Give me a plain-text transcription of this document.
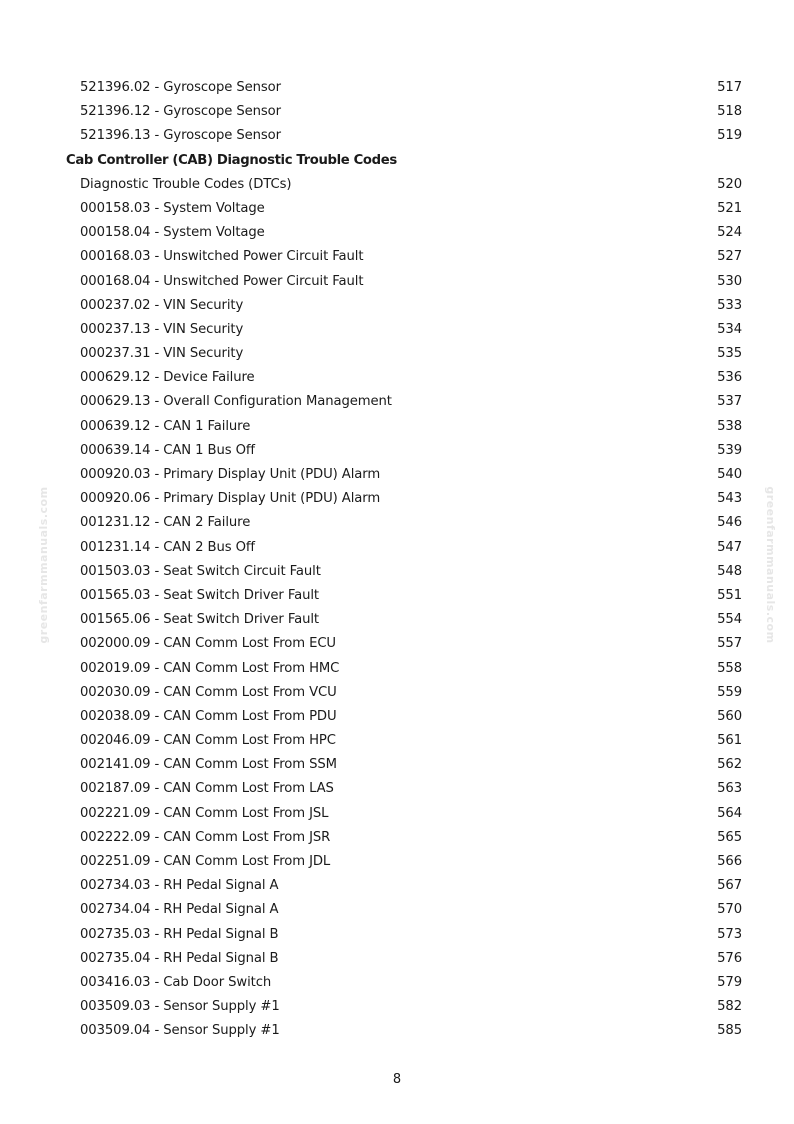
521396.02 - Gyroscope Sensor	517
521396.12 - Gyroscope Sensor	518
521396.13 - Gyroscope Sensor	519
Cab Controller (CAB) Diagnostic Trouble Codes
Diagnostic Trouble Codes (DTCs)	520
000158.03 - System Voltage	521
000158.04 - System Voltage	524
000168.03 - Unswitched Power Circuit Fault	527
000168.04 - Unswitched Power Circuit Fault	530
000237.02 - VIN Security	533
000237.13 - VIN Security	534
000237.31 - VIN Security	535
000629.12 - Device Failure	536
000629.13 - Overall Configuration Management	537
000639.12 - CAN 1 Failure	538
000639.14 - CAN 1 Bus Off	539
000920.03 - Primary Display Unit (PDU) Alarm	540
000920.06 - Primary Display Unit (PDU) Alarm	543
001231.12 - CAN 2 Failure	546
001231.14 - CAN 2 Bus Off	547
001503.03 - Seat Switch Circuit Fault	548
001565.03 - Seat Switch Driver Fault	551
001565.06 - Seat Switch Driver Fault	554
002000.09 - CAN Comm Lost From ECU	557
002019.09 - CAN Comm Lost From HMC	558
002030.09 - CAN Comm Lost From VCU	559
002038.09 - CAN Comm Lost From PDU	560
002046.09 - CAN Comm Lost From HPC	561
002141.09 - CAN Comm Lost From SSM	562
002187.09 - CAN Comm Lost From LAS	563
002221.09 - CAN Comm Lost From JSL	564
002222.09 - CAN Comm Lost From JSR	565
002251.09 - CAN Comm Lost From JDL	566
002734.03 - RH Pedal Signal A	567
002734.04 - RH Pedal Signal A	570
002735.03 - RH Pedal Signal B	573
002735.04 - RH Pedal Signal B	576
003416.03 - Cab Door Switch	579
003509.03 - Sensor Supply #1	582
003509.04 - Sensor Supply #1	585
greenfarmmanuals.com	greenfarmmanuals.com
8
